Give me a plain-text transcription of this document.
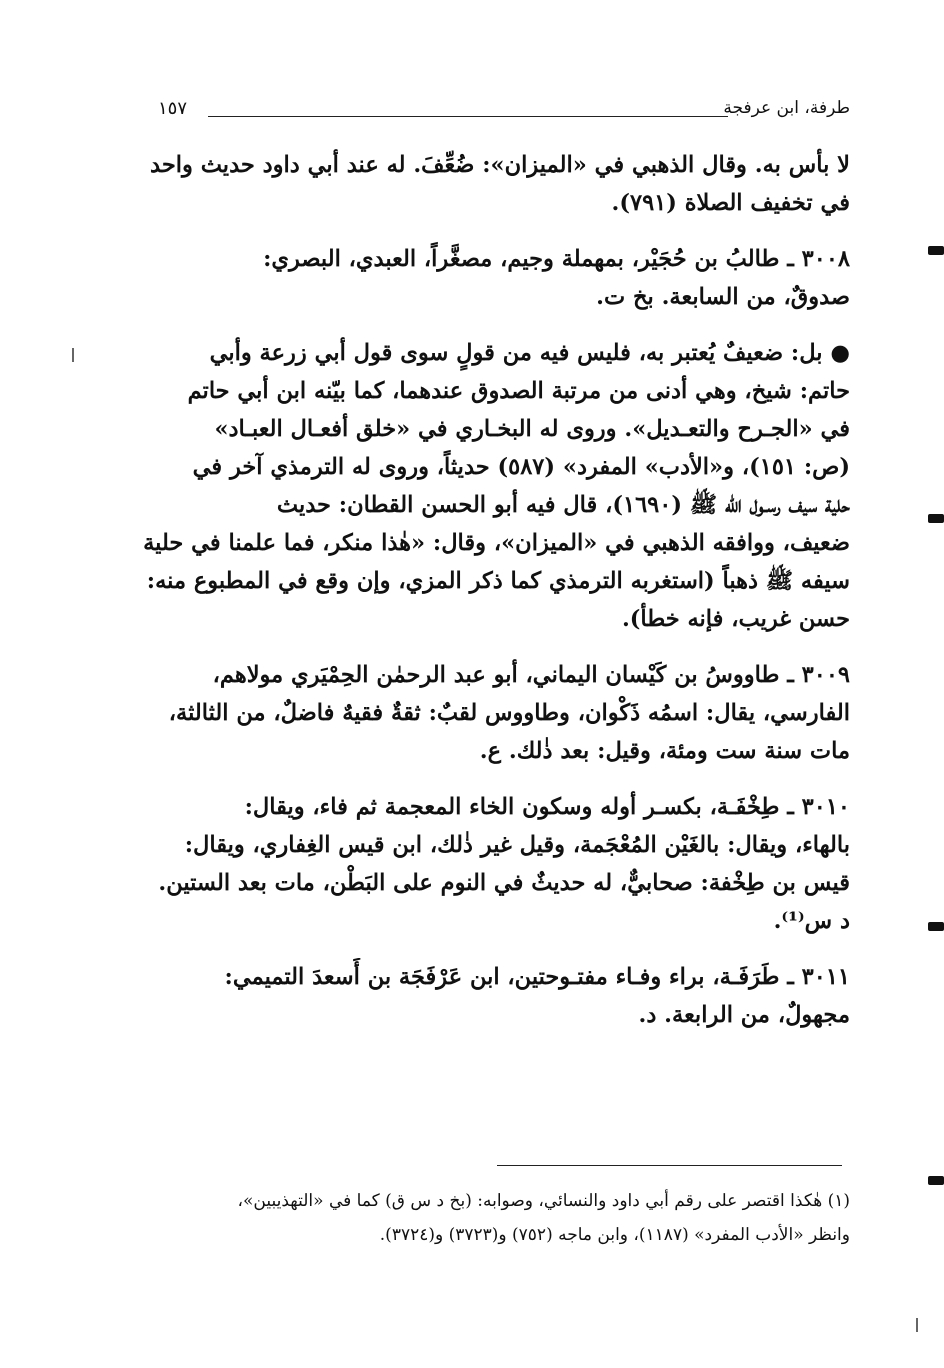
١٥٧	طرفة، ابن عرفجة

لا بأس به. وقال الذهبي في «الميزان»: ضُعِّفَ. له عند أبي داود حديث واحد
في تخفيف الصلاة (٧٩١).

٣٠٠٨ ـ طالبُ بن حُجَيْر، بمهملة وجيم، مصغَّراً، العبدي، البصري:
صدوقٌ، من السابعة. بخ ت.

● بل: ضعيفٌ يُعتبر به، فليس فيه من قولٍ سوى قول أبي زرعة وأبي
حاتم: شيخ، وهي أدنى من مرتبة الصدوق عندهما، كما بيّنه ابن أبي حاتم
في «الجـرح والتعـديل». وروى له البخـاري في «خلق أفعـال العبـاد»
(ص: ١٥١)، و«الأدب» المفرد» (٥٨٧) حديثاً، وروى له الترمذي آخر في
حلية سيف رسـول الله ﷺ (١٦٩٠)، قال فيه أبو الحسن القطان: حديث
ضعيف، ووافقه الذهبي في «الميزان»، وقال: «هٰذا منكر، فما علمنا في حلية
سيفه ﷺ ذهباً (استغربه الترمذي كما ذكر المزي، وإن وقع في المطبوع منه:
حسن غريب، فإنه خطأ).

٣٠٠٩ ـ طاووسُ بن كَيْسان اليماني، أبو عبد الرحمٰن الحِمْيَري مولاهم،
الفارسي، يقال: اسمُه ذَكْوان، وطاووس لقبٌ: ثقةٌ فقيهٌ فاضلٌ، من الثالثة،
مات سنة ست ومئة، وقيل: بعد ذٰلك. ع.

٣٠١٠ ـ طِخْفَـة، بكسـر أوله وسكون الخاء المعجمة ثم فاء، ويقال:
بالهاء، ويقال: بالغَيْن المُعْجَمة، وقيل غير ذٰلك، ابن قيس الغِفاري، ويقال:
قيس بن طِخْفة: صحابيٌّ، له حديثٌ في النوم على البَطْن، مات بعد الستين.
د س⁽¹⁾.

٣٠١١ ـ طَرَفَـة، براء وفـاء مفتـوحتين، ابن عَرْفَجَة بن أَسعدَ التميمي:
مجهولٌ، من الرابعة. د.

(١) هٰكذا اقتصر على رقم أبي داود والنسائي، وصوابه: (بخ د س ق) كما في «التهذيبين»،
وانظر «الأدب المفرد» (١١٨٧)، وابن ماجه (٧٥٢) و(٣٧٢٣) و(٣٧٢٤).
